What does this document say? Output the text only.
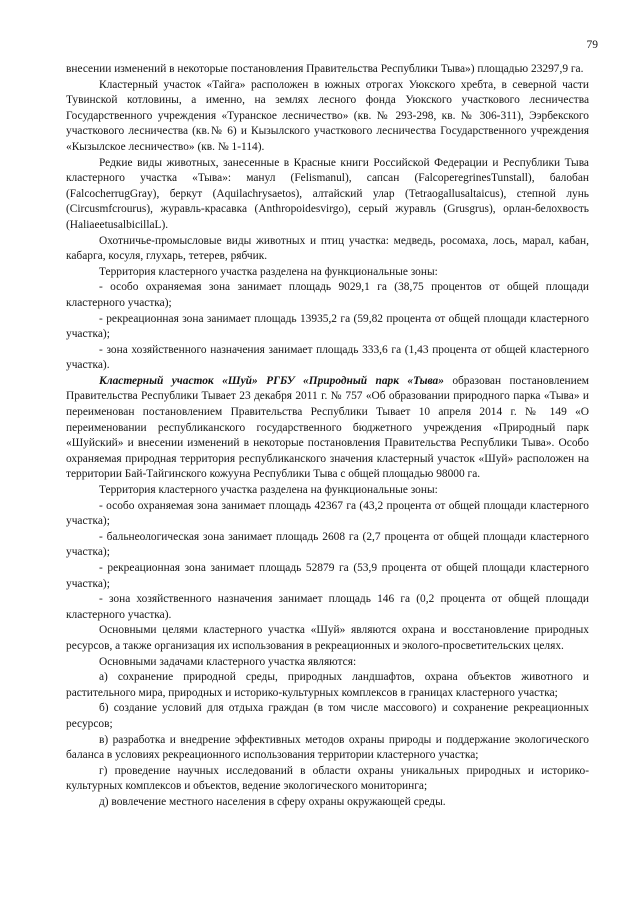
79

внесении изменений в некоторые постановления Правительства Республики Тыва») площадью 23297,9 га.

Кластерный участок «Тайга» расположен в южных отрогах Уюкского хребта, в северной части Тувинской котловины, а именно, на землях лесного фонда Уюкского участкового лесничества Государственного учреждения «Туранское лесничество» (кв. № 293-298, кв. № 306-311), Ээрбекского участкового лесничества (кв.№ 6) и Кызылского участкового лесничества Государственного учреждения «Кызылское лесничество» (кв. № 1-114).

Редкие виды животных, занесенные в Красные книги Российской Федерации и Республики Тыва кластерного участка «Тыва»: манул (Felismanul), сапсан (FalcoperegrinesTunstall), балобан (FalcocherrugGray), беркут (Aquilachrysaetos), алтайский улар (Tetraogallusaltaicus), степной лунь (Circusmfcrourus), журавль-красавка (Anthropoidesvirgo), серый журавль (Grusgrus), орлан-белохвость (HaliaeetusalbicillaL).

Охотничье-промысловые виды животных и птиц участка: медведь, росомаха, лось, марал, кабан, кабарга, косуля, глухарь, тетерев, рябчик.

Территория кластерного участка разделена на функциональные зоны:

- особо охраняемая зона занимает площадь 9029,1 га (38,75 процентов от общей площади кластерного участка);

- рекреационная зона занимает площадь 13935,2 га (59,82 процента от общей площади кластерного участка);

- зона хозяйственного назначения занимает площадь 333,6 га (1,43 процента от общей кластерного участка).

Кластерный участок «Шуй» РГБУ «Природный парк «Тыва» образован постановлением Правительства Республики Тывает 23 декабря 2011 г. № 757 «Об образовании природного парка «Тыва» и переименован постановлением Правительства Республики Тывает 10 апреля 2014 г. № 149 «О переименовании республиканского государственного бюджетного учреждения «Природный парк «Шуйский» и внесении изменений в некоторые постановления Правительства Республики Тыва». Особо охраняемая природная территория республиканского значения кластерный участок «Шуй» расположен на территории Бай-Тайгинского кожууна Республики Тыва с общей площадью 98000 га.

Территория кластерного участка разделена на функциональные зоны:

- особо охраняемая зона занимает площадь 42367 га (43,2 процента от общей площади кластерного участка);

- бальнеологическая зона занимает площадь 2608 га (2,7 процента от общей площади кластерного участка);

- рекреационная зона занимает площадь 52879 га (53,9 процента от общей площади кластерного участка);

- зона хозяйственного назначения занимает площадь 146 га (0,2 процента от общей площади кластерного участка).

Основными целями кластерного участка «Шуй» являются охрана и восстановление природных ресурсов, а также организация их использования в рекреационных и эколого-просветительских целях.

Основными задачами кластерного участка являются:

а) сохранение природной среды, природных ландшафтов, охрана объектов животного и растительного мира, природных и историко-культурных комплексов в границах кластерного участка;

б) создание условий для отдыха граждан (в том числе массового) и сохранение рекреационных ресурсов;

в) разработка и внедрение эффективных методов охраны природы и поддержание экологического баланса в условиях рекреационного использования территории кластерного участка;

г) проведение научных исследований в области охраны уникальных природных и историко-культурных комплексов и объектов, ведение экологического мониторинга;

д) вовлечение местного населения в сферу охраны окружающей среды.
